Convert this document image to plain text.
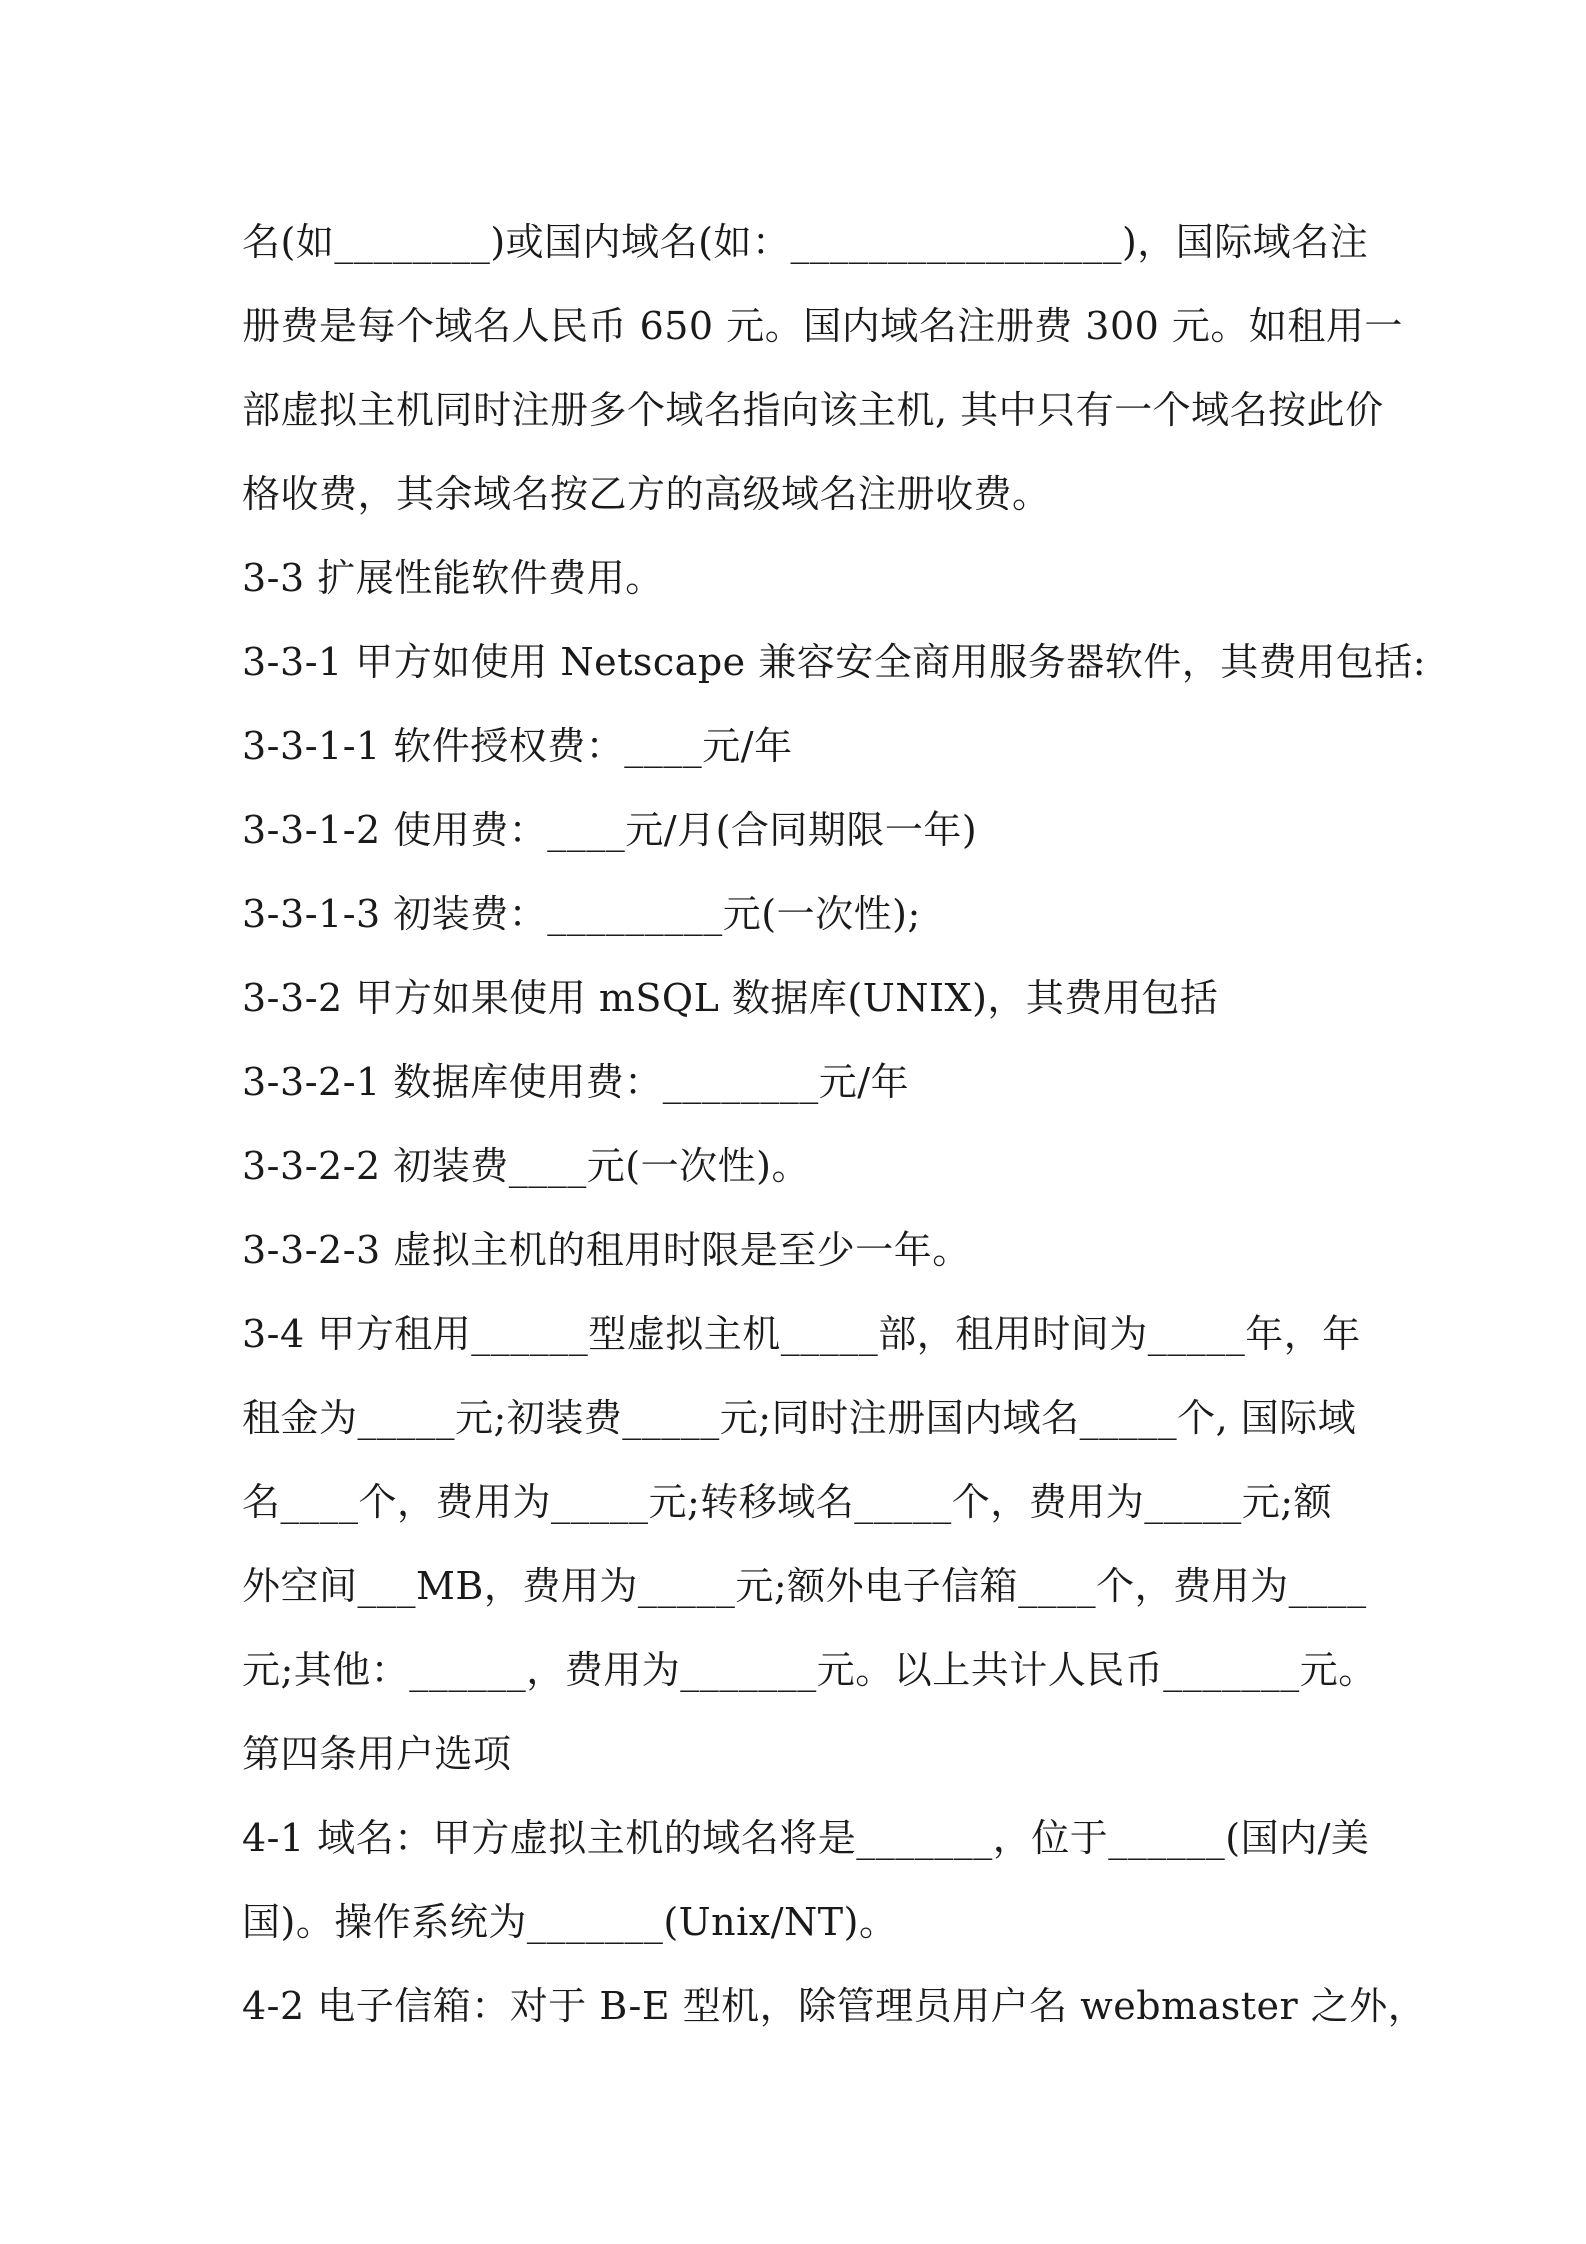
名(如________)或国内域名(如：_________________)，国际域名注
册费是每个域名人民币 650 元。国内域名注册费 300 元。如租用一
部虚拟主机同时注册多个域名指向该主机, 其中只有一个域名按此价
格收费，其余域名按乙方的高级域名注册收费。
3-3 扩展性能软件费用。
3-3-1 甲方如使用 Netscape 兼容安全商用服务器软件，其费用包括:
3-3-1-1 软件授权费：____元/年
3-3-1-2 使用费：____元/月(合同期限一年)
3-3-1-3 初装费：_________元(一次性);
3-3-2 甲方如果使用 mSQL 数据库(UNIX)，其费用包括
3-3-2-1 数据库使用费：________元/年
3-3-2-2 初装费____元(一次性)。
3-3-2-3 虚拟主机的租用时限是至少一年。
3-4 甲方租用______型虚拟主机_____部，租用时间为_____年，年
租金为_____元;初装费_____元;同时注册国内域名_____个, 国际域
名____个，费用为_____元;转移域名_____个，费用为_____元;额
外空间___MB，费用为_____元;额外电子信箱____个，费用为____
元;其他：______，费用为_______元。以上共计人民币_______元。
第四条用户选项
4-1 域名：甲方虚拟主机的域名将是_______，位于______(国内/美
国)。操作系统为_______(Unix/NT)。
4-2 电子信箱：对于 B-E 型机，除管理员用户名 webmaster 之外，
